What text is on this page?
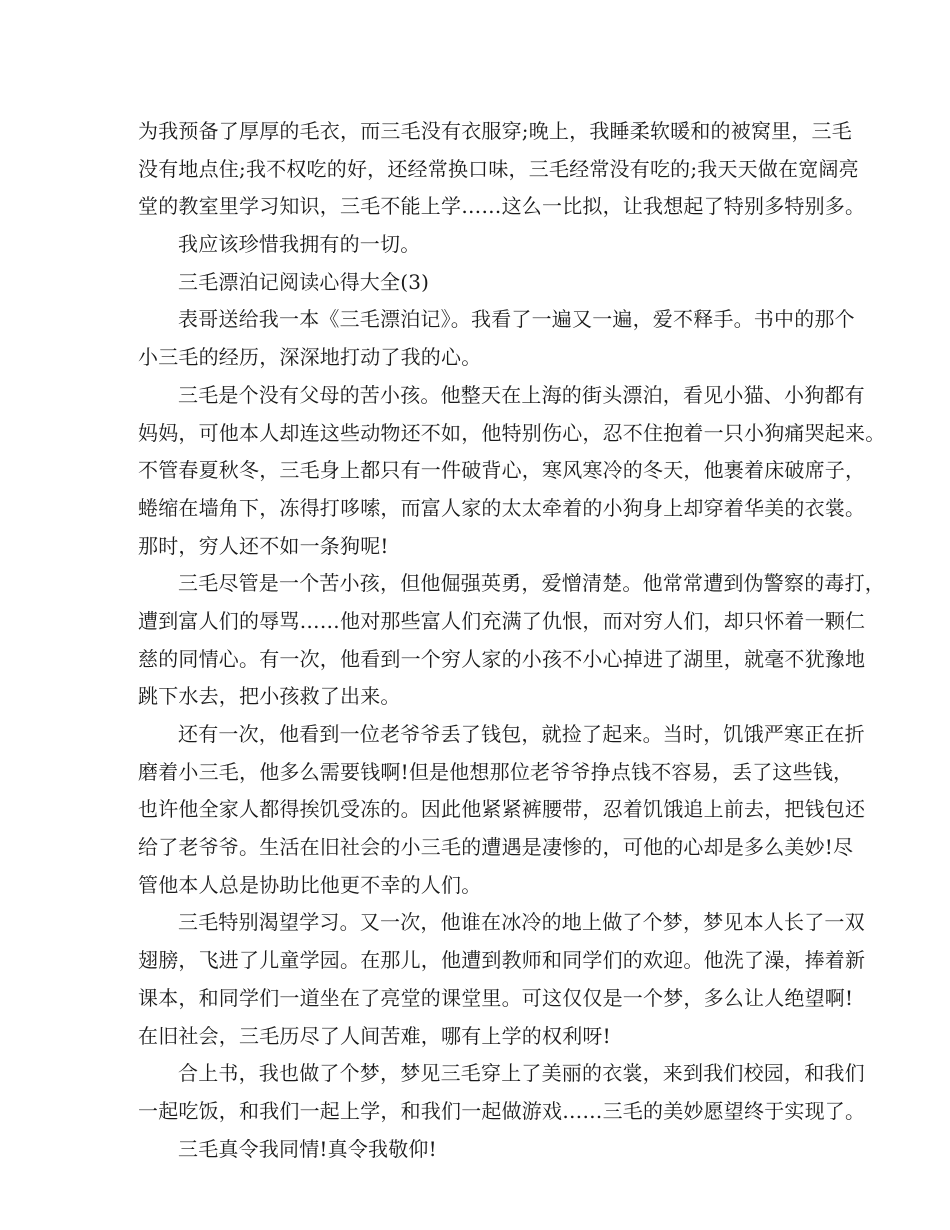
为我预备了厚厚的毛衣，而三毛没有衣服穿;晚上，我睡柔软暖和的被窝里，三毛
没有地点住;我不权吃的好，还经常换口味，三毛经常没有吃的;我天天做在宽阔亮
堂的教室里学习知识，三毛不能上学……这么一比拟，让我想起了特别多特别多。
我应该珍惜我拥有的一切。
三毛漂泊记阅读心得大全(3)
表哥送给我一本《三毛漂泊记》。我看了一遍又一遍，爱不释手。书中的那个
小三毛的经历，深深地打动了我的心。
三毛是个没有父母的苦小孩。他整天在上海的街头漂泊，看见小猫、小狗都有
妈妈，可他本人却连这些动物还不如，他特别伤心，忍不住抱着一只小狗痛哭起来。
不管春夏秋冬，三毛身上都只有一件破背心，寒风寒冷的冬天，他裹着床破席子，
蜷缩在墙角下，冻得打哆嗦，而富人家的太太牵着的小狗身上却穿着华美的衣裳。
那时，穷人还不如一条狗呢!
三毛尽管是一个苦小孩，但他倔强英勇，爱憎清楚。他常常遭到伪警察的毒打，
遭到富人们的辱骂……他对那些富人们充满了仇恨，而对穷人们，却只怀着一颗仁
慈的同情心。有一次，他看到一个穷人家的小孩不小心掉进了湖里，就毫不犹豫地
跳下水去，把小孩救了出来。
还有一次，他看到一位老爷爷丢了钱包，就捡了起来。当时，饥饿严寒正在折
磨着小三毛，他多么需要钱啊!但是他想那位老爷爷挣点钱不容易，丢了这些钱，
也许他全家人都得挨饥受冻的。因此他紧紧裤腰带，忍着饥饿追上前去，把钱包还
给了老爷爷。生活在旧社会的小三毛的遭遇是凄惨的，可他的心却是多么美妙!尽
管他本人总是协助比他更不幸的人们。
三毛特别渴望学习。又一次，他谁在冰冷的地上做了个梦，梦见本人长了一双
翅膀，飞进了儿童学园。在那儿，他遭到教师和同学们的欢迎。他洗了澡，捧着新
课本，和同学们一道坐在了亮堂的课堂里。可这仅仅是一个梦，多么让人绝望啊!
在旧社会，三毛历尽了人间苦难，哪有上学的权利呀!
合上书，我也做了个梦，梦见三毛穿上了美丽的衣裳，来到我们校园，和我们
一起吃饭，和我们一起上学，和我们一起做游戏……三毛的美妙愿望终于实现了。
三毛真令我同情!真令我敬仰!
